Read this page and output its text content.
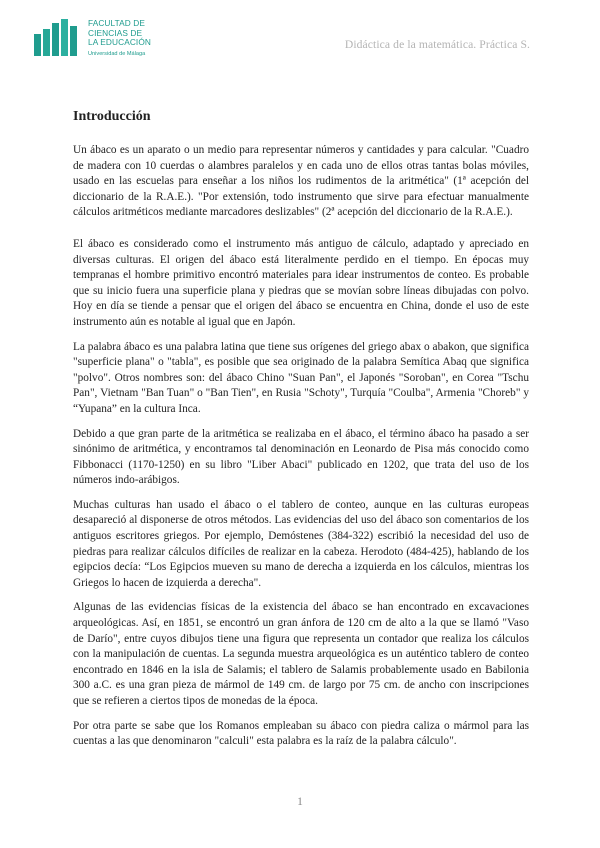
FACULTAD DE
CIENCIAS DE
LA EDUCACIÓN
Universidad de Málaga
Didáctica de la matemática. Práctica S.
Introducción

Un ábaco es un aparato o un medio para representar números y cantidades y para calcular. "Cuadro de madera con 10 cuerdas o alambres paralelos y en cada uno de ellos otras tantas bolas móviles, usado en las escuelas para enseñar a los niños los rudimentos de la aritmética" (1ª acepción del diccionario de la R.A.E.). "Por extensión, todo instrumento que sirve para efectuar manualmente cálculos aritméticos mediante marcadores deslizables" (2ª acepción del diccionario de la R.A.E.).

El ábaco es considerado como el instrumento más antiguo de cálculo, adaptado y apreciado en diversas culturas. El origen del ábaco está literalmente perdido en el tiempo. En épocas muy tempranas el hombre primitivo encontró materiales para idear instrumentos de conteo. Es probable que su inicio fuera una superficie plana y piedras que se movían sobre líneas dibujadas con polvo. Hoy en día se tiende a pensar que el origen del ábaco se encuentra en China, donde el uso de este instrumento aún es notable al igual que en Japón.

La palabra ábaco es una palabra latina que tiene sus orígenes del griego abax o abakon, que significa "superficie plana" o "tabla", es posible que sea originado de la palabra Semítica Abaq que significa "polvo". Otros nombres son: del ábaco Chino "Suan Pan", el Japonés "Soroban", en Corea "Tschu Pan", Vietnam "Ban Tuan" o "Ban Tien", en Rusia "Schoty", Turquía "Coulba", Armenia "Choreb" y “Yupana” en la cultura Inca.

Debido a que gran parte de la aritmética se realizaba en el ábaco, el término ábaco ha pasado a ser sinónimo de aritmética, y encontramos tal denominación en Leonardo de Pisa más conocido como Fibbonacci (1170-1250) en su libro "Liber Abaci" publicado en 1202, que trata del uso de los números indo-arábigos.

Muchas culturas han usado el ábaco o el tablero de conteo, aunque en las culturas europeas desapareció al disponerse de otros métodos. Las evidencias del uso del ábaco son comentarios de los antiguos escritores griegos. Por ejemplo, Demóstenes (384-322) escribió la necesidad del uso de piedras para realizar cálculos difíciles de realizar en la cabeza. Herodoto (484-425), hablando de los egipcios decía: “Los Egipcios mueven su mano de derecha a izquierda en los cálculos, mientras los Griegos lo hacen de izquierda a derecha".

Algunas de las evidencias físicas de la existencia del ábaco se han encontrado en excavaciones arqueológicas. Así, en 1851, se encontró un gran ánfora de 120 cm de alto a la que se llamó "Vaso de Darío", entre cuyos dibujos tiene una figura que representa un contador que realiza los cálculos con la manipulación de cuentas. La segunda muestra arqueológica es un auténtico tablero de conteo encontrado en 1846 en la isla de Salamis; el tablero de Salamis probablemente usado en Babilonia 300 a.C. es una gran pieza de mármol de 149 cm. de largo por 75 cm. de ancho con inscripciones que se refieren a ciertos tipos de monedas de la época.

Por otra parte se sabe que los Romanos empleaban su ábaco con piedra caliza o mármol para las cuentas a las que denominaron "calculi" esta palabra es la raíz de la palabra cálculo".

1
